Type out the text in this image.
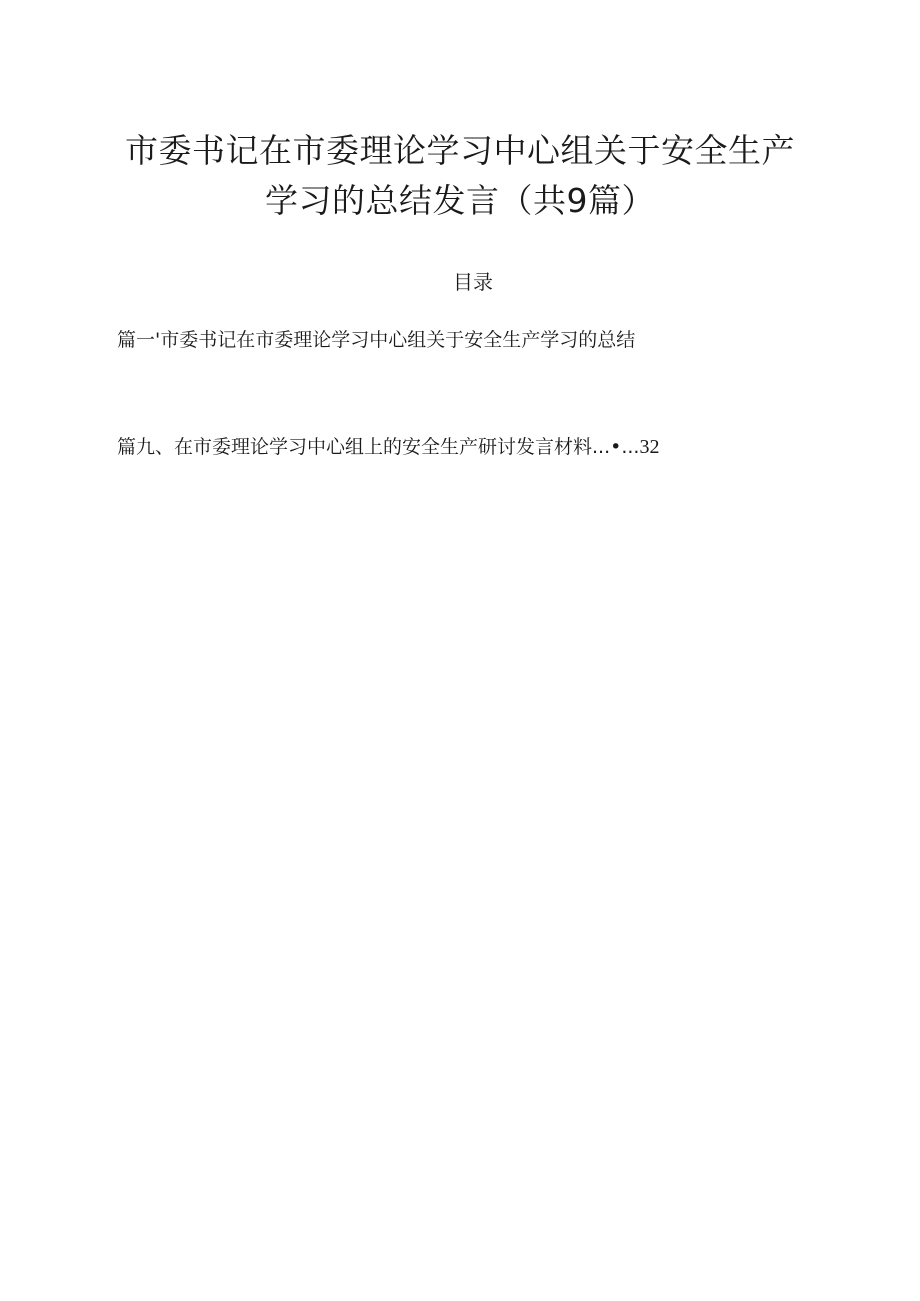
市委书记在市委理论学习中心组关于安全生产
学习的总结发言（共9篇）
目录
篇一'市委书记在市委理论学习中心组关于安全生产学习的总结
篇九、在市委理论学习中心组上的安全生产研讨发言材料...•...32
